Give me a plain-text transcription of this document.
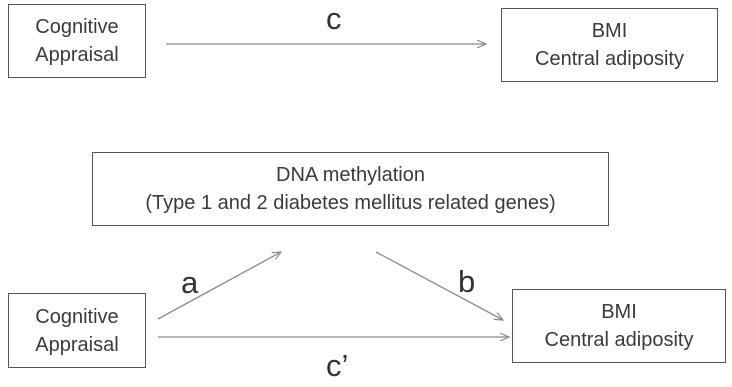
Cognitive
Appraisal
c	BMI
Central adiposity
DNA methylation
(Type 1 and 2 diabetes mellitus related genes)
a	b
Cognitive
Appraisal
BMI
Central adiposity
c’
